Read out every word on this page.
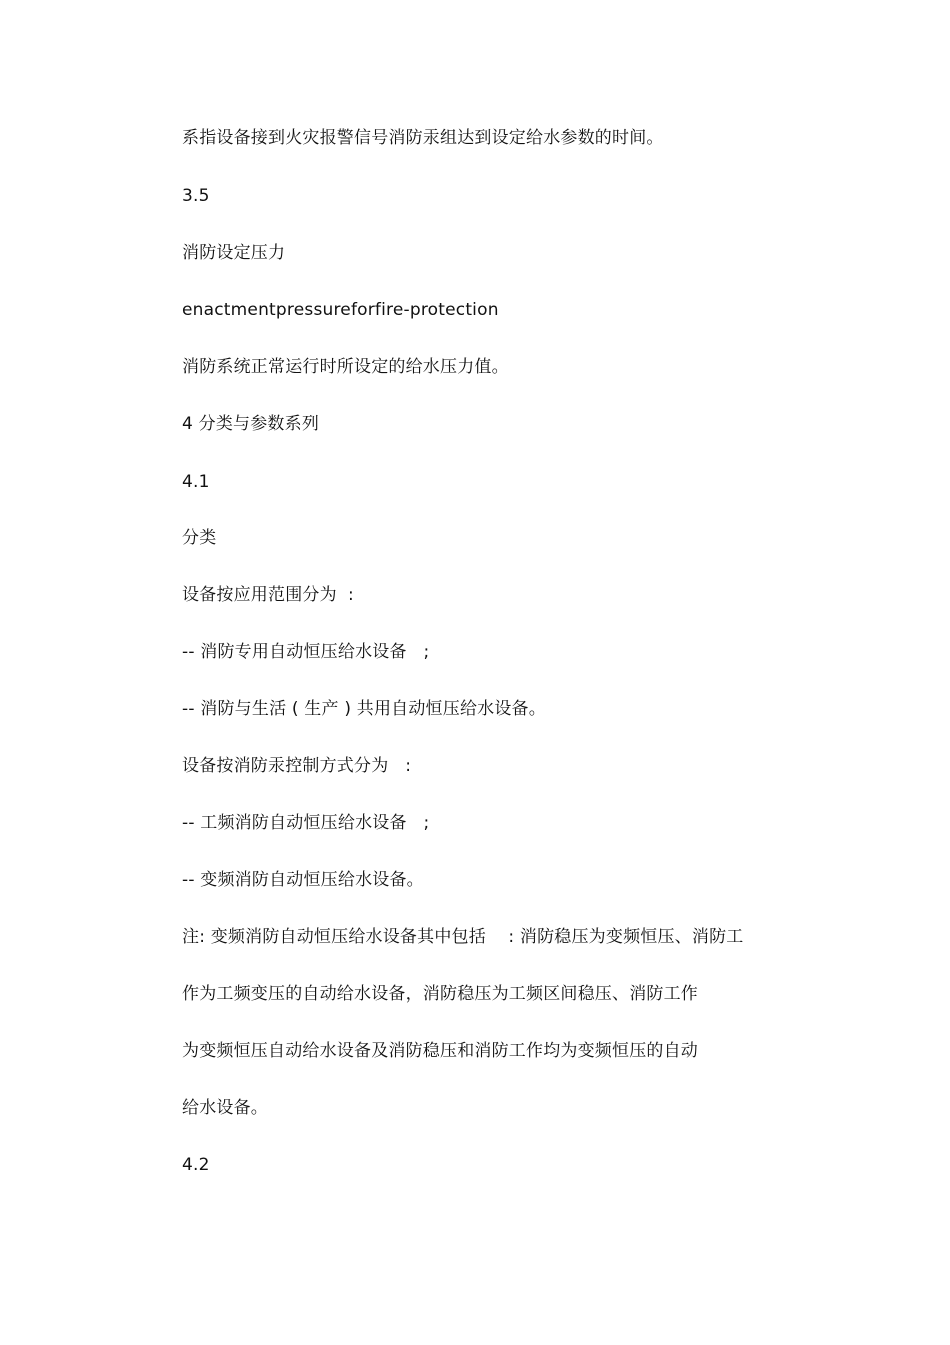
系指设备接到火灾报警信号消防汞组达到设定给水参数的时间。
3.5
消防设定压力
enactmentpressureforfire-protection
消防系统正常运行时所设定的给水压力值。
4 分类与参数系列
4.1
分类
设备按应用范围分为  :
-- 消防专用自动恒压给水设备   ;
-- 消防与生活 ( 生产 ) 共用自动恒压给水设备。
设备按消防汞控制方式分为   :
-- 工频消防自动恒压给水设备   ;
-- 变频消防自动恒压给水设备。
注: 变频消防自动恒压给水设备其中包括    : 消防稳压为变频恒压、消防工
作为工频变压的自动给水设备，消防稳压为工频区间稳压、消防工作
为变频恒压自动给水设备及消防稳压和消防工作均为变频恒压的自动
给水设备。
4.2
